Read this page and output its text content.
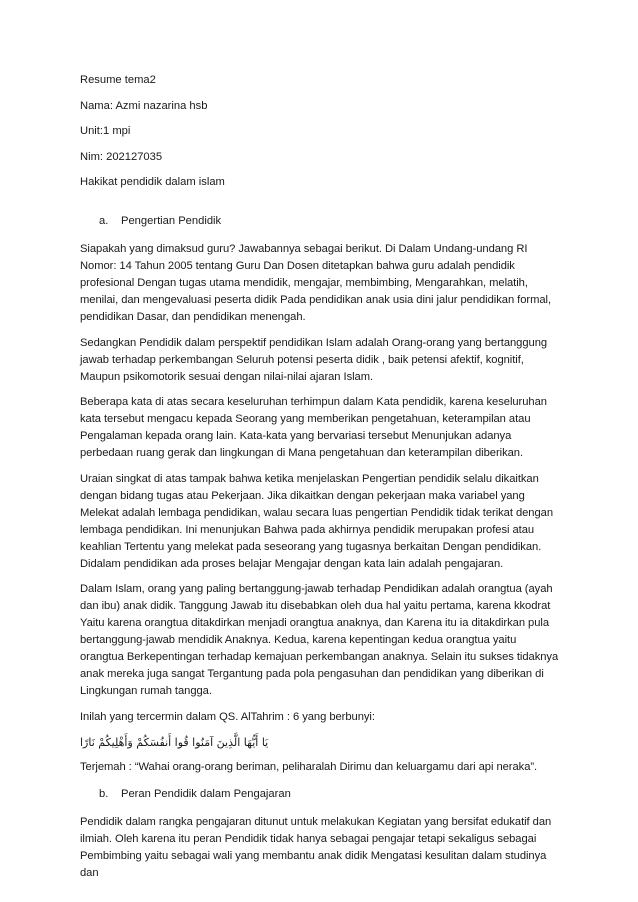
Resume tema2
Nama: Azmi nazarina hsb
Unit:1 mpi
Nim: 202127035
Hakikat pendidik dalam islam
a. Pengertian Pendidik

Siapakah yang dimaksud guru? Jawabannya sebagai berikut. Di Dalam Undang-undang RI Nomor: 14 Tahun 2005 tentang Guru Dan Dosen ditetapkan bahwa guru adalah pendidik profesional Dengan tugas utama mendidik, mengajar, membimbing, Mengarahkan, melatih, menilai, dan mengevaluasi peserta didik Pada pendidikan anak usia dini jalur pendidikan formal, pendidikan Dasar, dan pendidikan menengah.

Sedangkan Pendidik dalam perspektif pendidikan Islam adalah Orang-orang yang bertanggung jawab terhadap perkembangan Seluruh potensi peserta didik , baik petensi afektif, kognitif, Maupun psikomotorik sesuai dengan nilai-nilai ajaran Islam.

Beberapa kata di atas secara keseluruhan terhimpun dalam Kata pendidik, karena keseluruhan kata tersebut mengacu kepada Seorang yang memberikan pengetahuan, keterampilan atau Pengalaman kepada orang lain. Kata-kata yang bervariasi tersebut Menunjukan adanya perbedaan ruang gerak dan lingkungan di Mana pengetahuan dan keterampilan diberikan.

Uraian singkat di atas tampak bahwa ketika menjelaskan Pengertian pendidik selalu dikaitkan dengan bidang tugas atau Pekerjaan. Jika dikaitkan dengan pekerjaan maka variabel yang Melekat adalah lembaga pendidikan, walau secara luas pengertian Pendidik tidak terikat dengan lembaga pendidikan. Ini menunjukan Bahwa pada akhirnya pendidik merupakan profesi atau keahlian Tertentu yang melekat pada seseorang yang tugasnya berkaitan Dengan pendidikan. Didalam pendidikan ada proses belajar Mengajar dengan kata lain adalah pengajaran.

Dalam Islam, orang yang paling bertanggung-jawab terhadap Pendidikan adalah orangtua (ayah dan ibu) anak didik. Tanggung Jawab itu disebabkan oleh dua hal yaitu pertama, karena kkodrat Yaitu karena orangtua ditakdirkan menjadi orangtua anaknya, dan Karena itu ia ditakdirkan pula bertanggung-jawab mendidik Anaknya. Kedua, karena kepentingan kedua orangtua yaitu orangtua Berkepentingan terhadap kemajuan perkembangan anaknya. Selain itu sukses tidaknya anak mereka juga sangat Tergantung pada pola pengasuhan dan pendidikan yang diberikan di Lingkungan rumah tangga.

Inilah yang tercermin dalam QS. AlTahrim : 6 yang berbunyi:

يَا أَيُّهَا الَّذِينَ آمَنُوا قُوا أَنفُسَكُمْ وَأَهْلِيكُمْ نَارًا

Terjemah : “Wahai orang-orang beriman, peliharalah Dirimu dan keluargamu dari api neraka”.

b. Peran Pendidik dalam Pengajaran

Pendidik dalam rangka pengajaran ditunut untuk melakukan Kegiatan yang bersifat edukatif dan ilmiah. Oleh karena itu peran Pendidik tidak hanya sebagai pengajar tetapi sekaligus sebagai Pembimbing yaitu sebagai wali yang membantu anak didik Mengatasi kesulitan dalam studinya dan
